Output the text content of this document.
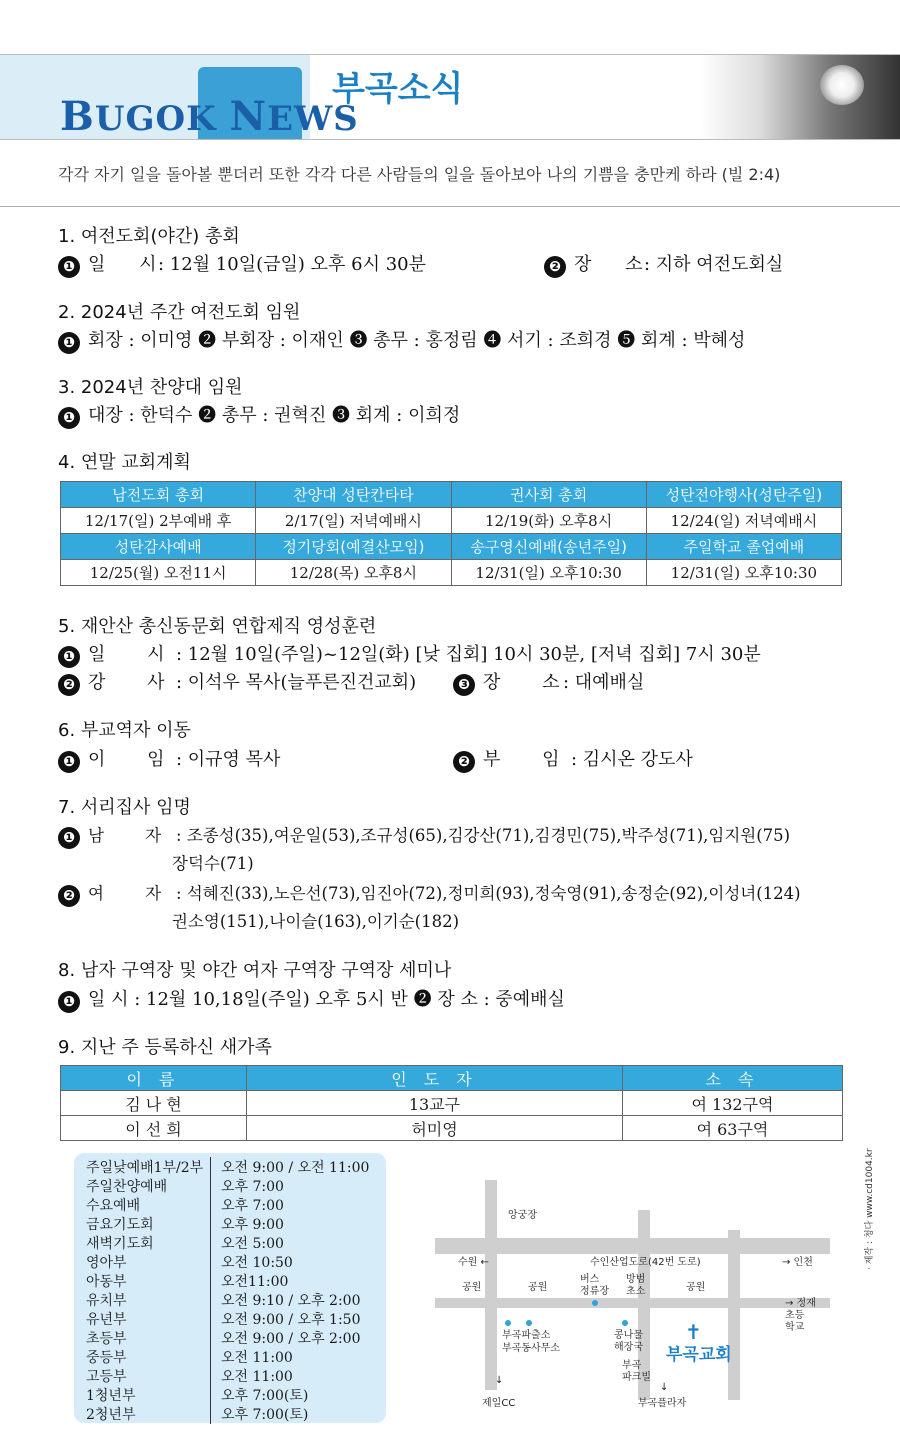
BUGOK NEWS
부곡소식
각각 자기 일을 돌아볼 뿐더러 또한 각각 다른 사람들의 일을 돌아보아 나의 기쁨을 충만케 하라 (빌 2:4)
1. 여전도회(야간) 총회
❶ 일 시: 12월 10일(금일) 오후 6시 30분	❷ 장 소: 지하 여전도회실
2. 2024년 주간 여전도회 임원
❶ 회장 : 이미영 ❷ 부회장 : 이재인 ❸ 총무 : 홍정림 ❹ 서기 : 조희경 ❺ 회계 : 박혜성
3. 2024년 찬양대 임원
❶ 대장 : 한덕수 ❷ 총무 : 권혁진 ❸ 회계 : 이희정
4. 연말 교회계획
남전도회 총회	찬양대 성탄칸타타	권사회 총회	성탄전야행사(성탄주일)
12/17(일) 2부예배 후	2/17(일) 저녁예배시	12/19(화) 오후8시	12/24(일) 저녁예배시
성탄감사예배	정기당회(예결산모임)	송구영신예배(송년주일)	주일학교 졸업예배
12/25(월) 오전11시	12/28(목) 오후8시	12/31(일) 오후10:30	12/31(일) 오후10:30
5. 재안산 총신동문회 연합제직 영성훈련
❶ 일 시: 12월 10일(주일)~12일(화) [낮 집회] 10시 30분, [저녁 집회] 7시 30분
❷ 강 사: 이석우 목사(늘푸른진건교회)	❸ 장 소: 대예배실
6. 부교역자 이동
❶ 이 임: 이규영 목사	❷ 부 임: 김시온 강도사
7. 서리집사 임명
❶ 남 자: 조종성(35),여운일(53),조규성(65),김강산(71),김경민(75),박주성(71),임지원(75)
장덕수(71)
❷ 여 자: 석혜진(33),노은선(73),임진아(72),정미희(93),정숙영(91),송정순(92),이성녀(124)
권소영(151),나이슬(163),이기순(182)
8. 남자 구역장 및 야간 여자 구역장 구역장 세미나
❶ 일 시 : 12월 10,18일(주일) 오후 5시 반 ❷ 장 소 : 중예배실
9. 지난 주 등록하신 새가족
이 름	인 도 자	소 속
김 나 현	13교구	여 132구역
이 선 희	허미영	여 63구역
주일낮예배1부/2부	오전 9:00 / 오전 11:00
주일찬양예배	오후 7:00
수요예배	오후 7:00
금요기도회	오후 9:00
새벽기도회	오전 5:00
영아부	오전 10:50
아동부	오전11:00
유치부	오전 9:10 / 오후 2:00
유년부	오전 9:00 / 오후 1:50
초등부	오전 9:00 / 오후 2:00
중등부	오전 11:00
고등부	오전 11:00
1청년부	오후 7:00(토)
2청년부	오후 7:00(토)
앙궁장
수원 ←	수인산업도로(42번 도로)	→ 인천
공원	공원	공원
버스
정류장
방범
초소
부곡파출소
부곡동사무소
콩나물
해장국
→ 정재
초등
학교
부곡
파크빌
✝
부곡교회
↓
제일CC
↓
부곡플라자
· 제작 : 청다 www.cd1004.kr
